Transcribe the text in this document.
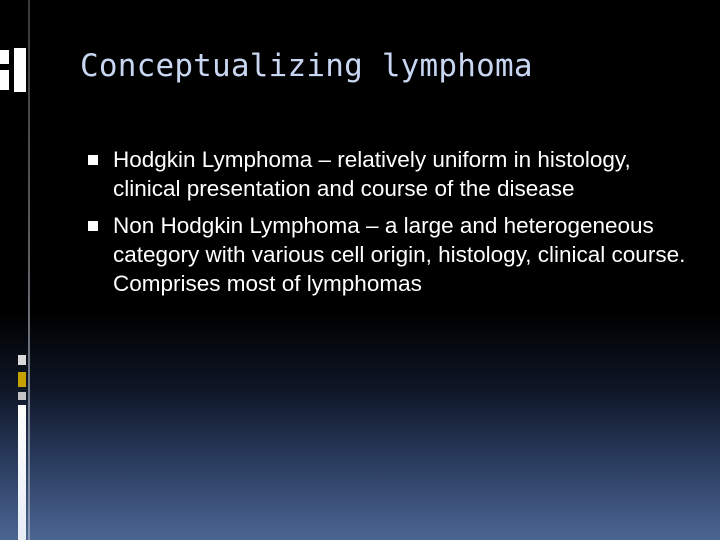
Conceptualizing lymphoma
Hodgkin Lymphoma – relatively uniform in histology, clinical presentation and course of the disease
Non Hodgkin Lymphoma – a large and heterogeneous category with various cell origin, histology, clinical course. Comprises most of lymphomas
